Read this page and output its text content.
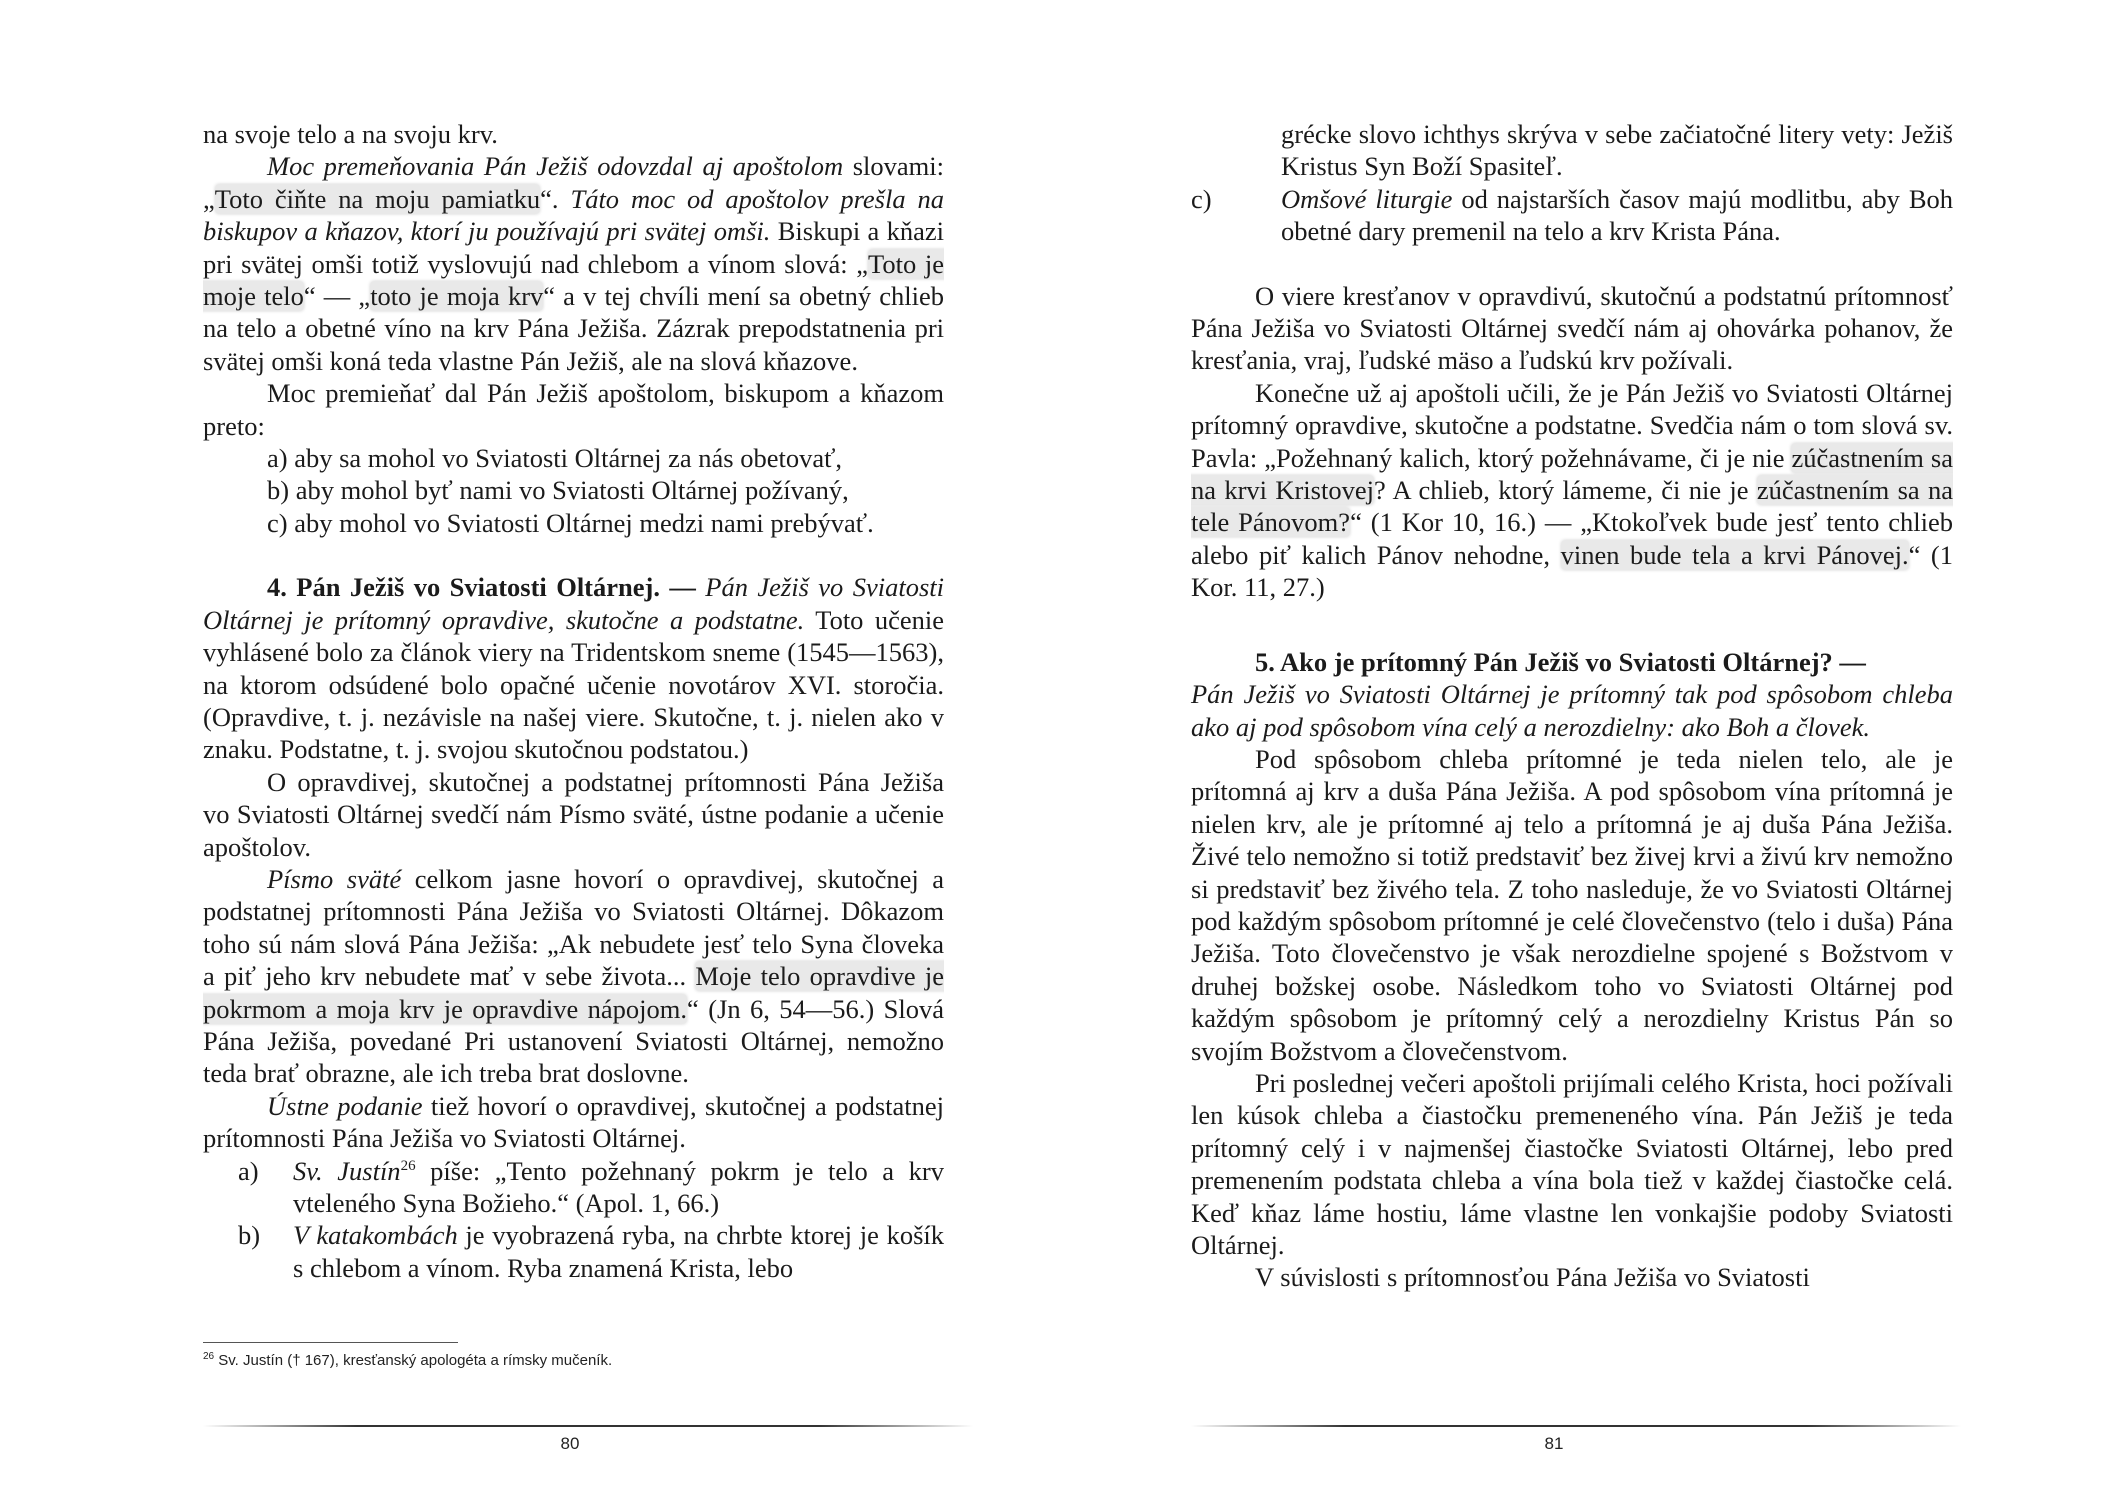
na svoje telo a na svoju krv.

Moc premeňovania Pán Ježiš odovzdal aj apoštolom slovami: „Toto čiňte na moju pamiatku“. Táto moc od apoštolov prešla na biskupov a kňazov, ktorí ju používajú pri svätej omši. Biskupi a kňazi pri svätej omši totiž vyslovujú nad chlebom a vínom slová: „Toto je moje telo“ — „toto je moja krv“ a v tej chvíli mení sa obetný chlieb na telo a obetné víno na krv Pána Ježiša. Zázrak prepodstatnenia pri svätej omši koná teda vlastne Pán Ježiš, ale na slová kňazove.

Moc premieňať dal Pán Ježiš apoštolom, biskupom a kňazom preto:

a) aby sa mohol vo Sviatosti Oltárnej za nás obetovať,

b) aby mohol byť nami vo Sviatosti Oltárnej požívaný,

c) aby mohol vo Sviatosti Oltárnej medzi nami prebývať.

4. Pán Ježiš vo Sviatosti Oltárnej. — Pán Ježiš vo Sviatosti Oltárnej je prítomný opravdive, skutočne a podstatne. Toto učenie vyhlásené bolo za článok viery na Tridentskom sneme (1545—1563), na ktorom odsúdené bolo opačné učenie novotárov XVI. storočia. (Opravdive, t. j. nezávisle na našej viere. Skutočne, t. j. nielen ako v znaku. Podstatne, t. j. svojou skutočnou podstatou.)

O opravdivej, skutočnej a podstatnej prítomnosti Pána Ježiša vo Sviatosti Oltárnej svedčí nám Písmo sväté, ústne podanie a učenie apoštolov.

Písmo sväté celkom jasne hovorí o opravdivej, skutočnej a podstatnej prítomnosti Pána Ježiša vo Sviatosti Oltárnej. Dôkazom toho sú nám slová Pána Ježiša: „Ak nebudete jesť telo Syna človeka a piť jeho krv nebudete mať v sebe života... Moje telo opravdive je pokrmom a moja krv je opravdive nápojom.“ (Jn 6, 54—56.) Slová Pána Ježiša, povedané Pri ustanovení Sviatosti Oltárnej, nemožno teda brať obrazne, ale ich treba brat doslovne.

Ústne podanie tiež hovorí o opravdivej, skutočnej a podstatnej prítomnosti Pána Ježiša vo Sviatosti Oltárnej.

a)	Sv. Justín$^{26}$ píše: „Tento požehnaný pokrm je telo a krv vteleného Syna Božieho.“ (Apol. 1, 66.)
b)	V katakombách je vyobrazená ryba, na chrbte ktorej je košík s chlebom a vínom. Ryba znamená Krista, lebo
$^{26}$ Sv. Justín († 167), kresťanský apologéta a rímsky mučeník.
80

grécke slovo ichthys skrýva v sebe začiatočné litery vety: Ježiš Kristus Syn Boží Spasiteľ.

c)	Omšové liturgie od najstarších časov majú modlitbu, aby Boh obetné dary premenil na telo a krv Krista Pána.

O viere kresťanov v opravdivú, skutočnú a podstatnú prítomnosť Pána Ježiša vo Sviatosti Oltárnej svedčí nám aj ohovárka pohanov, že kresťania, vraj, ľudské mäso a ľudskú krv požívali.

Konečne už aj apoštoli učili, že je Pán Ježiš vo Sviatosti Oltárnej prítomný opravdive, skutočne a podstatne. Svedčia nám o tom slová sv. Pavla: „Požehnaný kalich, ktorý požehnávame, či je nie zúčastnením sa na krvi Kristovej? A chlieb, ktorý lámeme, či nie je zúčastnením sa na tele Pánovom?“ (1 Kor 10, 16.) — „Ktokoľvek bude jesť tento chlieb alebo piť kalich Pánov nehodne, vinen bude tela a krvi Pánovej.“ (1 Kor. 11, 27.)

5. Ako je prítomný Pán Ježiš vo Sviatosti Oltárnej? —

Pán Ježiš vo Sviatosti Oltárnej je prítomný tak pod spôsobom chleba ako aj pod spôsobom vína celý a nerozdielny: ako Boh a človek.

Pod spôsobom chleba prítomné je teda nielen telo, ale je prítomná aj krv a duša Pána Ježiša. A pod spôsobom vína prítomná je nielen krv, ale je prítomné aj telo a prítomná je aj duša Pána Ježiša. Živé telo nemožno si totiž predstaviť bez živej krvi a živú krv nemožno si predstaviť bez živého tela. Z toho nasleduje, že vo Sviatosti Oltárnej pod každým spôsobom prítomné je celé človečenstvo (telo i duša) Pána Ježiša. Toto človečenstvo je však nerozdielne spojené s Božstvom v druhej božskej osobe. Následkom toho vo Sviatosti Oltárnej pod každým spôsobom je prítomný celý a nerozdielny Kristus Pán so svojím Božstvom a človečenstvom.

Pri poslednej večeri apoštoli prijímali celého Krista, hoci požívali len kúsok chleba a čiastočku premeneného vína. Pán Ježiš je teda prítomný celý i v najmenšej čiastočke Sviatosti Oltárnej, lebo pred premenením podstata chleba a vína bola tiež v každej čiastočke celá. Keď kňaz láme hostiu, láme vlastne len vonkajšie podoby Sviatosti Oltárnej.

V súvislosti s prítomnosťou Pána Ježiša vo Sviatosti

81
